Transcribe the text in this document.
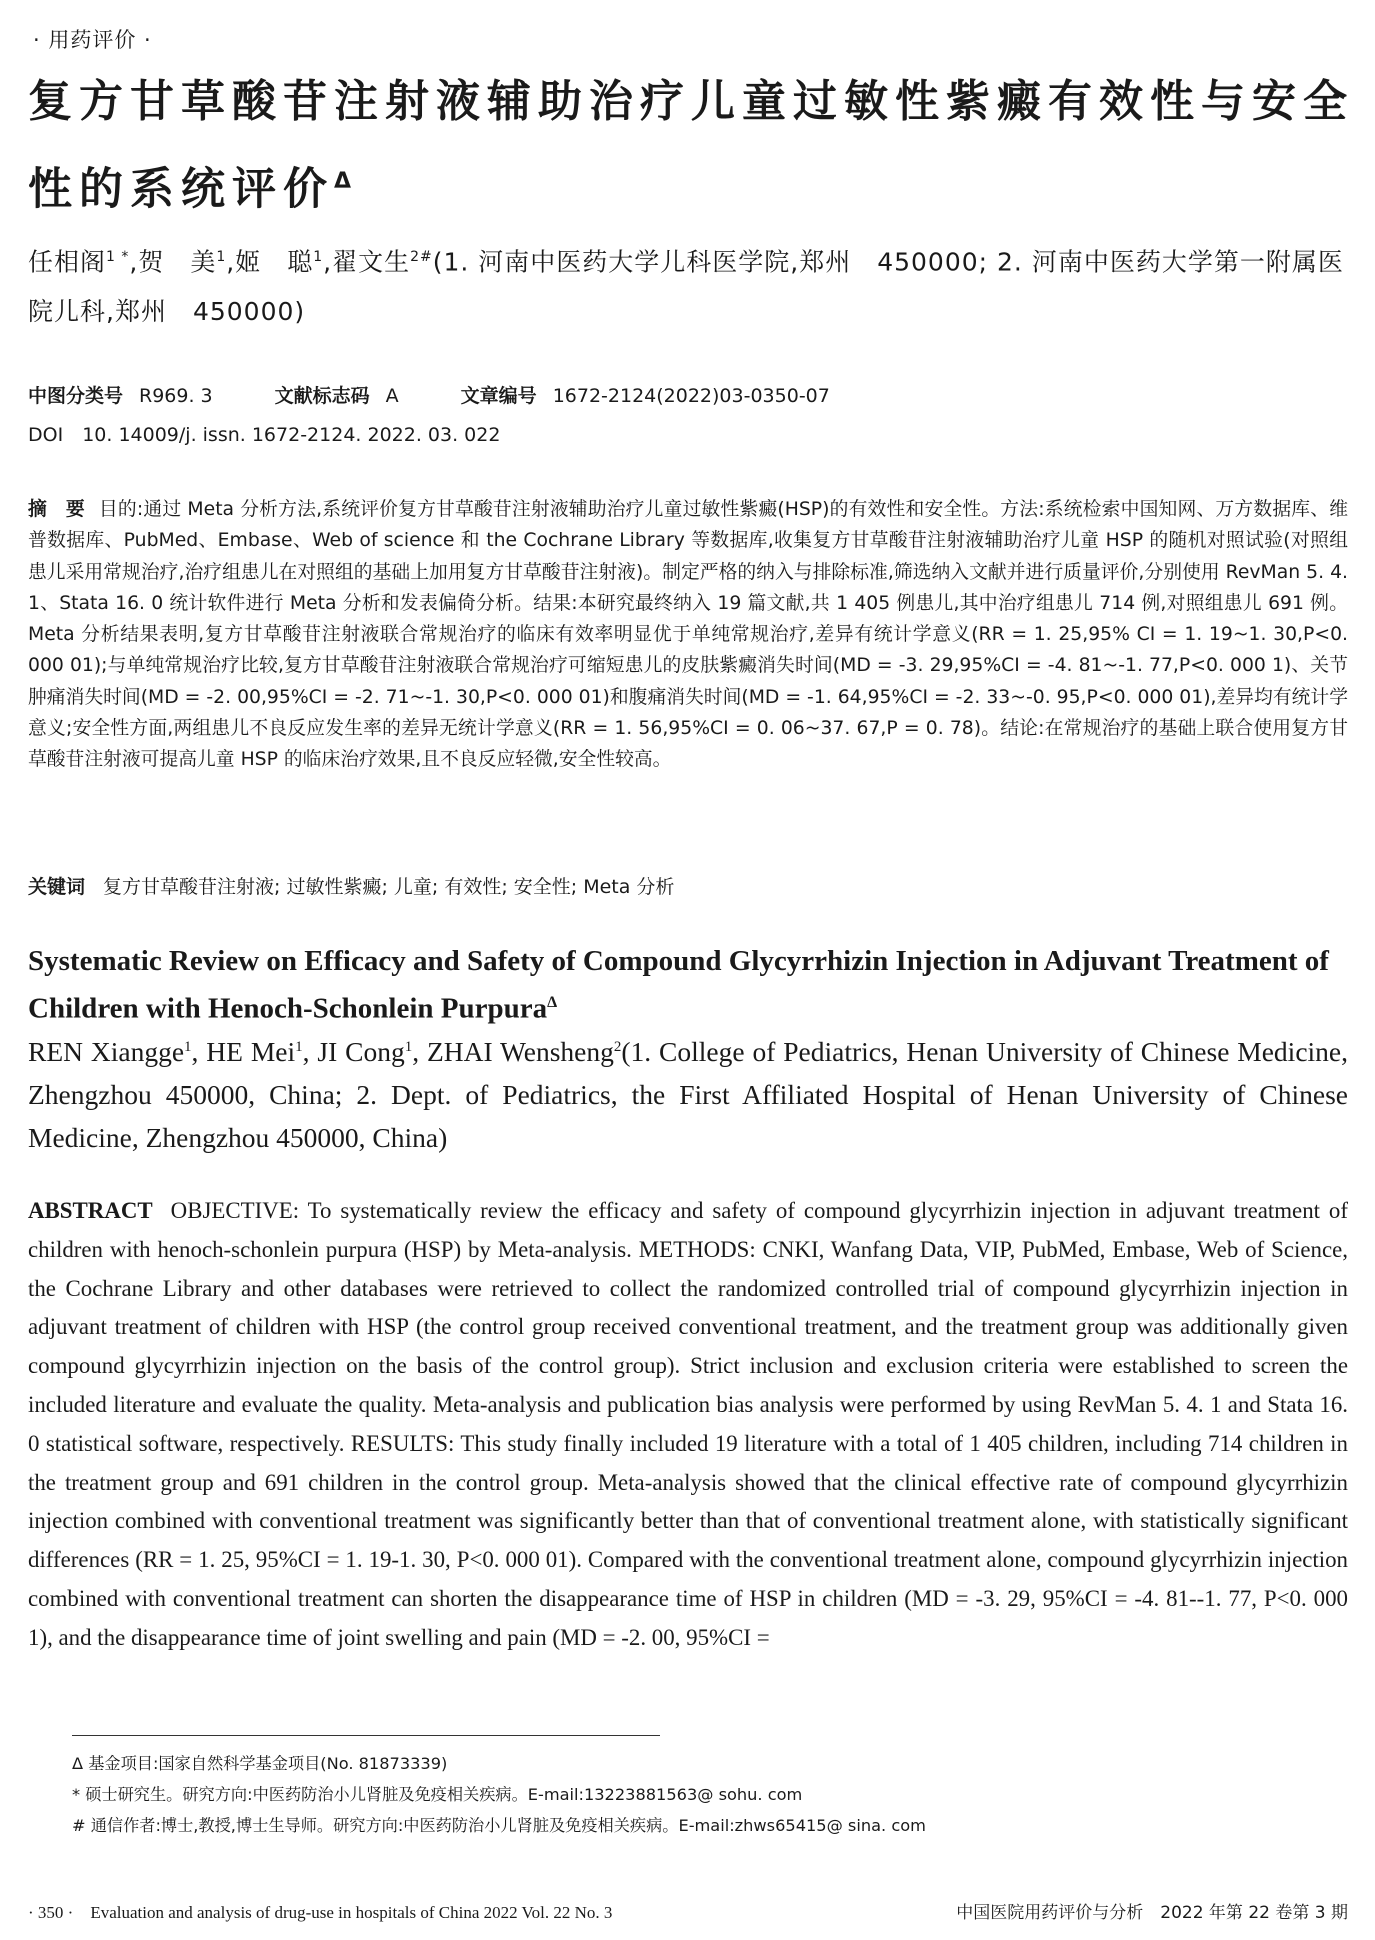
· 用药评价 ·
复方甘草酸苷注射液辅助治疗儿童过敏性紫癜有效性与安全性的系统评价$^\Delta$
任相阁$^{1 *}$,贺　美$^1$,姬　聪$^1$,翟文生$^{2\#}$(1. 河南中医药大学儿科医学院,郑州　450000; 2. 河南中医药大学第一附属医院儿科,郑州　450000)
中图分类号 R969. 3	文献标志码 A	文章编号 1672-2124(2022)03-0350-07
DOI　10. 14009/j. issn. 1672-2124. 2022. 03. 022
摘　要 目的:通过 Meta 分析方法,系统评价复方甘草酸苷注射液辅助治疗儿童过敏性紫癜(HSP)的有效性和安全性。方法:系统检索中国知网、万方数据库、维普数据库、PubMed、Embase、Web of science 和 the Cochrane Library 等数据库,收集复方甘草酸苷注射液辅助治疗儿童 HSP 的随机对照试验(对照组患儿采用常规治疗,治疗组患儿在对照组的基础上加用复方甘草酸苷注射液)。制定严格的纳入与排除标准,筛选纳入文献并进行质量评价,分别使用 RevMan 5. 4. 1、Stata 16. 0 统计软件进行 Meta 分析和发表偏倚分析。结果:本研究最终纳入 19 篇文献,共 1 405 例患儿,其中治疗组患儿 714 例,对照组患儿 691 例。Meta 分析结果表明,复方甘草酸苷注射液联合常规治疗的临床有效率明显优于单纯常规治疗,差异有统计学意义(RR = 1. 25,95% CI = 1. 19~1. 30,P<0. 000 01);与单纯常规治疗比较,复方甘草酸苷注射液联合常规治疗可缩短患儿的皮肤紫癜消失时间(MD = -3. 29,95%CI = -4. 81~-1. 77,P<0. 000 1)、关节肿痛消失时间(MD = -2. 00,95%CI = -2. 71~-1. 30,P<0. 000 01)和腹痛消失时间(MD = -1. 64,95%CI = -2. 33~-0. 95,P<0. 000 01),差异均有统计学意义;安全性方面,两组患儿不良反应发生率的差异无统计学意义(RR = 1. 56,95%CI = 0. 06~37. 67,P = 0. 78)。结论:在常规治疗的基础上联合使用复方甘草酸苷注射液可提高儿童 HSP 的临床治疗效果,且不良反应轻微,安全性较高。
关键词 复方甘草酸苷注射液; 过敏性紫癜; 儿童; 有效性; 安全性; Meta 分析
Systematic Review on Efficacy and Safety of Compound Glycyrrhizin Injection in Adjuvant Treatment of Children with Henoch-Schonlein Purpura$^\Delta$
REN Xiangge$^1$, HE Mei$^1$, JI Cong$^1$, ZHAI Wensheng$^2$(1. College of Pediatrics, Henan University of Chinese Medicine, Zhengzhou 450000, China; 2. Dept. of Pediatrics, the First Affiliated Hospital of Henan University of Chinese Medicine, Zhengzhou 450000, China)
ABSTRACT OBJECTIVE: To systematically review the efficacy and safety of compound glycyrrhizin injection in adjuvant treatment of children with henoch-schonlein purpura (HSP) by Meta-analysis. METHODS: CNKI, Wanfang Data, VIP, PubMed, Embase, Web of Science, the Cochrane Library and other databases were retrieved to collect the randomized controlled trial of compound glycyrrhizin injection in adjuvant treatment of children with HSP (the control group received conventional treatment, and the treatment group was additionally given compound glycyrrhizin injection on the basis of the control group). Strict inclusion and exclusion criteria were established to screen the included literature and evaluate the quality. Meta-analysis and publication bias analysis were performed by using RevMan 5. 4. 1 and Stata 16. 0 statistical software, respectively. RESULTS: This study finally included 19 literature with a total of 1 405 children, including 714 children in the treatment group and 691 children in the control group. Meta-analysis showed that the clinical effective rate of compound glycyrrhizin injection combined with conventional treatment was significantly better than that of conventional treatment alone, with statistically significant differences (RR = 1. 25, 95%CI = 1. 19-1. 30, P<0. 000 01). Compared with the conventional treatment alone, compound glycyrrhizin injection combined with conventional treatment can shorten the disappearance time of HSP in children (MD = -3. 29, 95%CI = -4. 81--1. 77, P<0. 000 1), and the disappearance time of joint swelling and pain (MD = -2. 00, 95%CI =
Δ 基金项目:国家自然科学基金项目(No. 81873339)
* 硕士研究生。研究方向:中医药防治小儿肾脏及免疫相关疾病。E-mail:13223881563@ sohu. com
# 通信作者:博士,教授,博士生导师。研究方向:中医药防治小儿肾脏及免疫相关疾病。E-mail:zhws65415@ sina. com
· 350 ·　Evaluation and analysis of drug-use in hospitals of China 2022 Vol. 22 No. 3	中国医院用药评价与分析　2022 年第 22 卷第 3 期
